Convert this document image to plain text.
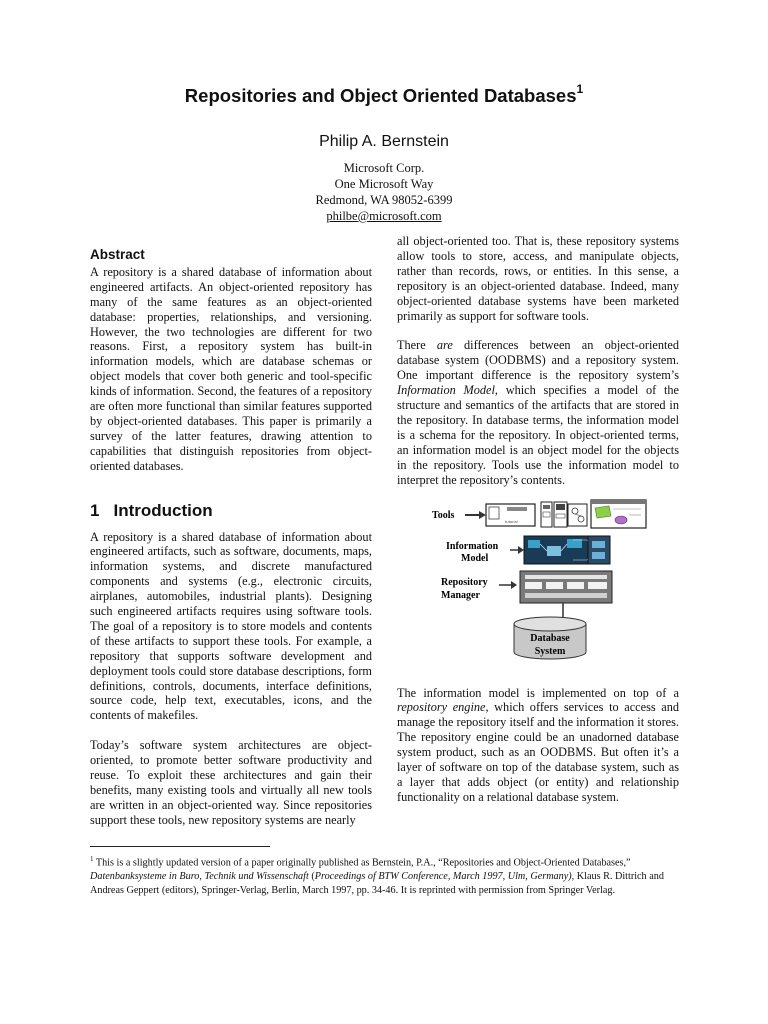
Repositories and Object Oriented Databases$^1$
Philip A. Bernstein
Microsoft Corp.
One Microsoft Way
Redmond, WA 98052-6399
philbe@microsoft.com
Abstract

A repository is a shared database of information about engineered artifacts. An object-oriented repository has many of the same features as an object-oriented database: properties, relationships, and versioning. However, the two technologies are different for two reasons. First, a repository system has built-in information models, which are database schemas or object models that cover both generic and tool-specific kinds of information. Second, the features of a repository are often more functional than similar features supported by object-oriented databases. This paper is primarily a survey of the latter features, drawing attention to capabilities that distinguish repositories from object-oriented databases.

1 Introduction

A repository is a shared database of information about engineered artifacts, such as software, documents, maps, information systems, and discrete manufactured components and systems (e.g., electronic circuits, airplanes, automobiles, industrial plants). Designing such engineered artifacts requires using software tools. The goal of a repository is to store models and contents of these artifacts to support these tools. For example, a repository that supports software development and deployment tools could store database descriptions, form definitions, controls, documents, interface definitions, source code, help text, executables, icons, and the contents of makefiles.

Today’s software system architectures are object-oriented, to promote better software productivity and reuse. To exploit these architectures and gain their benefits, many existing tools and virtually all new tools are written in an object-oriented way. Since repositories support these tools, new repository systems are nearly

all object-oriented too. That is, these repository systems allow tools to store, access, and manipulate objects, rather than records, rows, or entities. In this sense, a repository is an object-oriented database. Indeed, many object-oriented database systems have been marketed primarily as support for software tools.

There are differences between an object-oriented database system (OODBMS) and a repository system. One important difference is the repository system’s Information Model, which specifies a model of the structure and semantics of the artifacts that are stored in the repository. In database terms, the information model is a schema for the repository. In object-oriented terms, an information model is an object model for the objects in the repository. Tools use the information model to interpret the repository’s contents.

Tools
tutorial
Information
Model
Repository
Manager
Database
System

The information model is implemented on top of a repository engine, which offers services to access and manage the repository itself and the information it stores. The repository engine could be an unadorned database system product, such as an OODBMS. But often it’s a layer of software on top of the database system, such as a layer that adds object (or entity) and relationship functionality on a relational database system.

$^1$ This is a slightly updated version of a paper originally published as Bernstein, P.A., “Repositories and Object-Oriented Databases,” Datenbanksysteme in Buro, Technik und Wissenschaft (Proceedings of BTW Conference, March 1997, Ulm, Germany), Klaus R. Dittrich and Andreas Geppert (editors), Springer-Verlag, Berlin, March 1997, pp. 34-46. It is reprinted with permission from Springer Verlag.
